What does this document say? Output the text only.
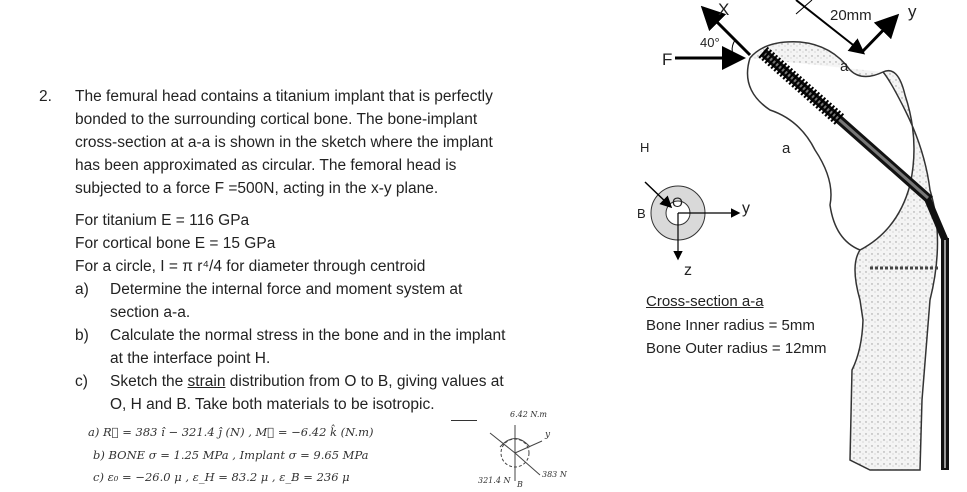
2. The femural head contains a titanium implant that is perfectly
bonded to the surrounding cortical bone. The bone-implant
cross-section at a-a is shown in the sketch where the implant
has been approximated as circular. The femoral head is
subjected to a force F =500N, acting in the x-y plane.
For titanium E = 116 GPa
For cortical bone E = 15 GPa
For a circle, I = π r⁴/4 for diameter through centroid
a)	Determine the internal force and moment system at
section a-a.
b)	Calculate the normal stress in the bone and in the implant
at the interface point H.
c)	Sketch the strain distribution from O to B, giving values at
O, H and B. Take both materials to be isotropic.
a) R⃗ = 383 î − 321.4 ĵ (N) , M⃗ = −6.42 k̂ (N.m)
b) BONE σ = 1.25 MPa , Implant σ = 9.65 MPa
c) ε₀ = −26.0 μ , ε_H = 83.2 μ , ε_B = 236 μ
6.42 N.m
y
383 N
321.4 N B
X	y
40°
F
20mm
a
a
H
B
O	y
z
Cross-section a-a
Bone Inner radius = 5mm
Bone Outer radius = 12mm
